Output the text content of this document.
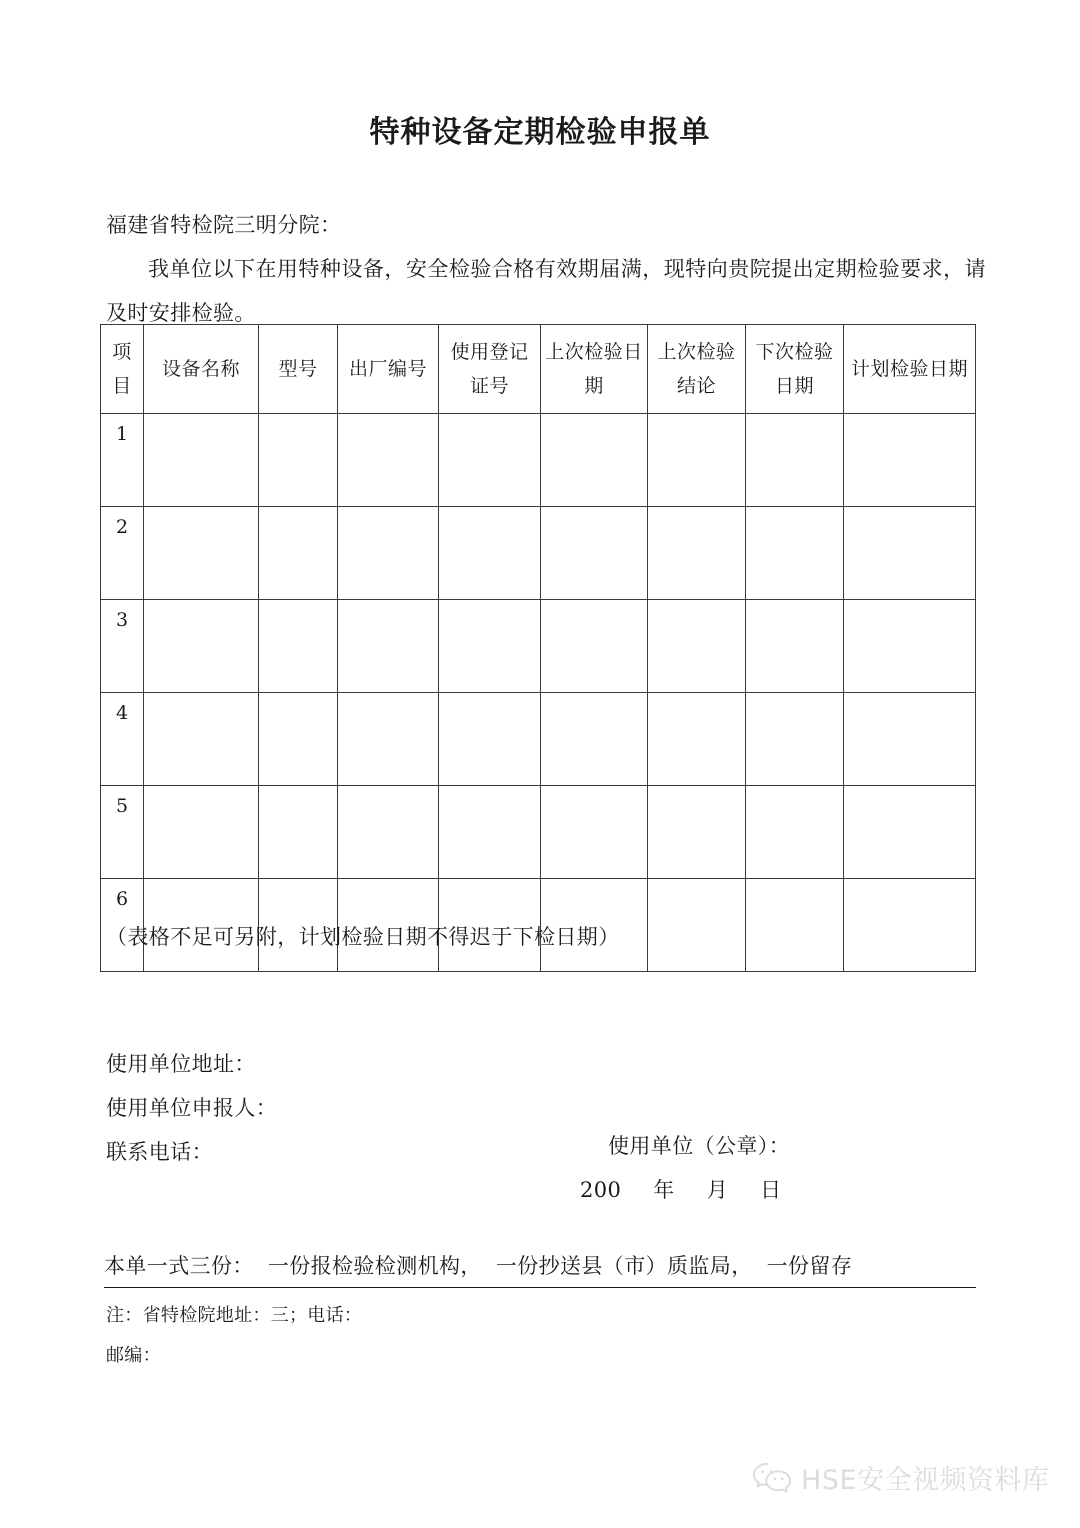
特种设备定期检验申报单
福建省特检院三明分院：
我单位以下在用特种设备，安全检验合格有效期届满，现特向贵院提出定期检验要求，请及时安排检验。
项
目	设备名称	型号	出厂编号	使用登记证号	上次检验日期	上次检验结论	下次检验日期	计划检验日期
1								
2								
3								
4								
5								
6								
（表格不足可另附，计划检验日期不得迟于下检日期）
使用单位地址：
使用单位申报人：
联系电话：	使用单位（公章）：
200 年 月 日
本单一式三份： 一份报检验检测机构， 一份抄送县（市）质监局， 一份留存
注：省特检院地址：三；电话：
邮编：
HSE安全视频资料库
